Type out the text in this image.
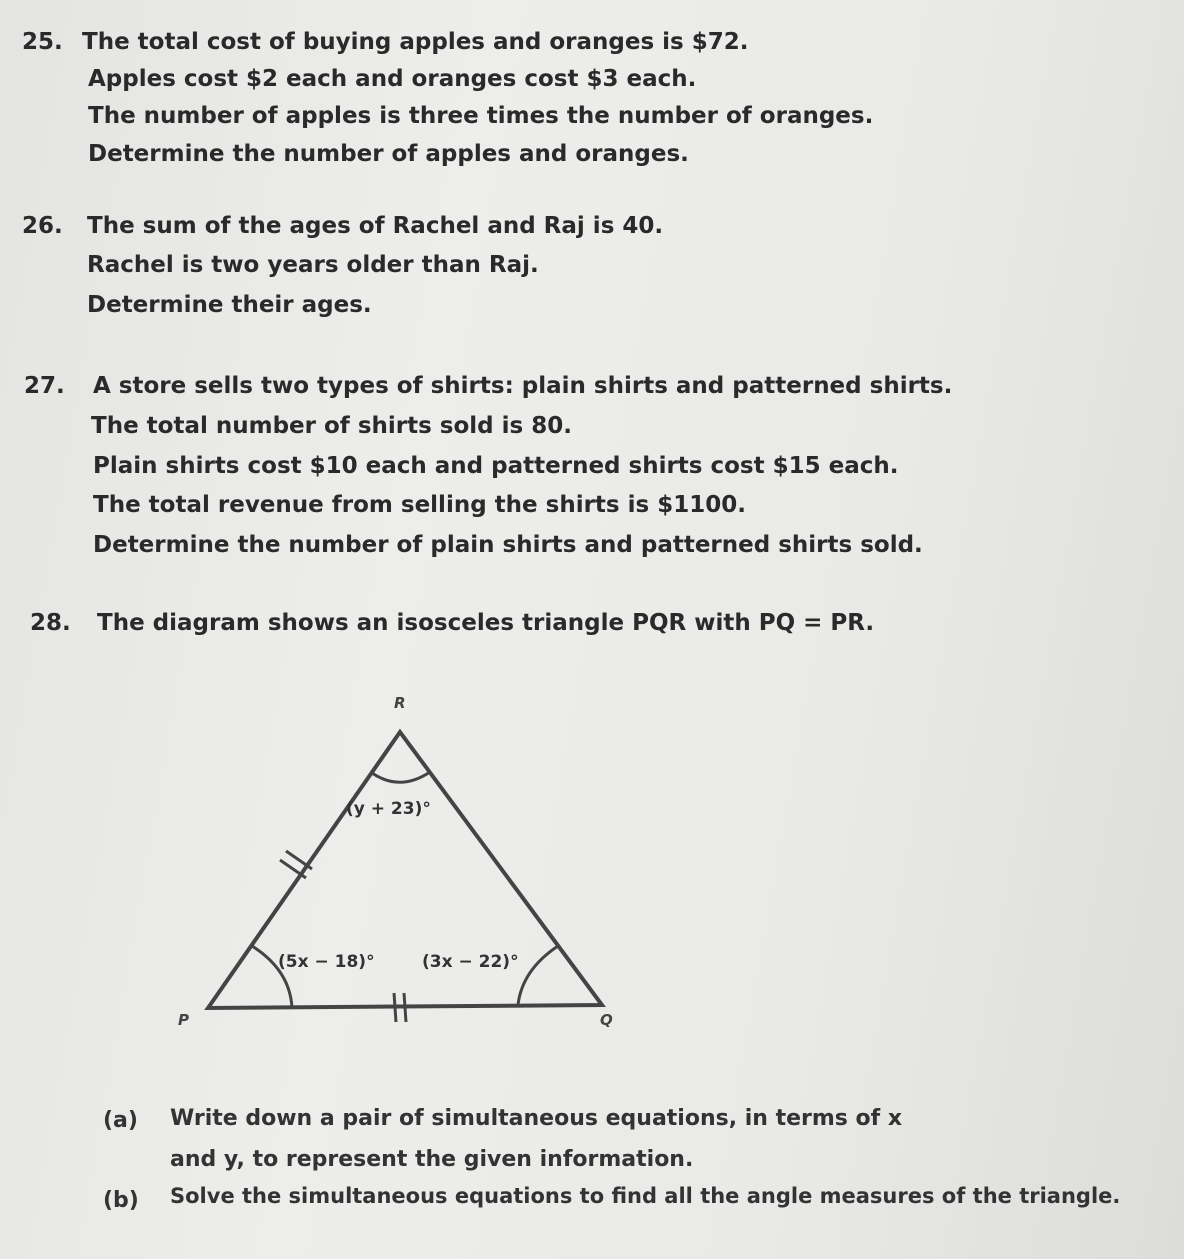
25. The total cost of buying apples and oranges is $72.
Apples cost $2 each and oranges cost $3 each.
The number of apples is three times the number of oranges.
Determine the number of apples and oranges.
26. The sum of the ages of Rachel and Raj is 40.
Rachel is two years older than Raj.
Determine their ages.
27. A store sells two types of shirts: plain shirts and patterned shirts.
The total number of shirts sold is 80.
Plain shirts cost $10 each and patterned shirts cost $15 each.
The total revenue from selling the shirts is $1100.
Determine the number of plain shirts and patterned shirts sold.
28. The diagram shows an isosceles triangle PQR with PQ = PR.
R
P	Q
(y + 23)°
(5x − 18)°	(3x − 22)°
(a) Write down a pair of simultaneous equations, in terms of x
and y, to represent the given information.
(b) Solve the simultaneous equations to find all the angle measures of the triangle.
